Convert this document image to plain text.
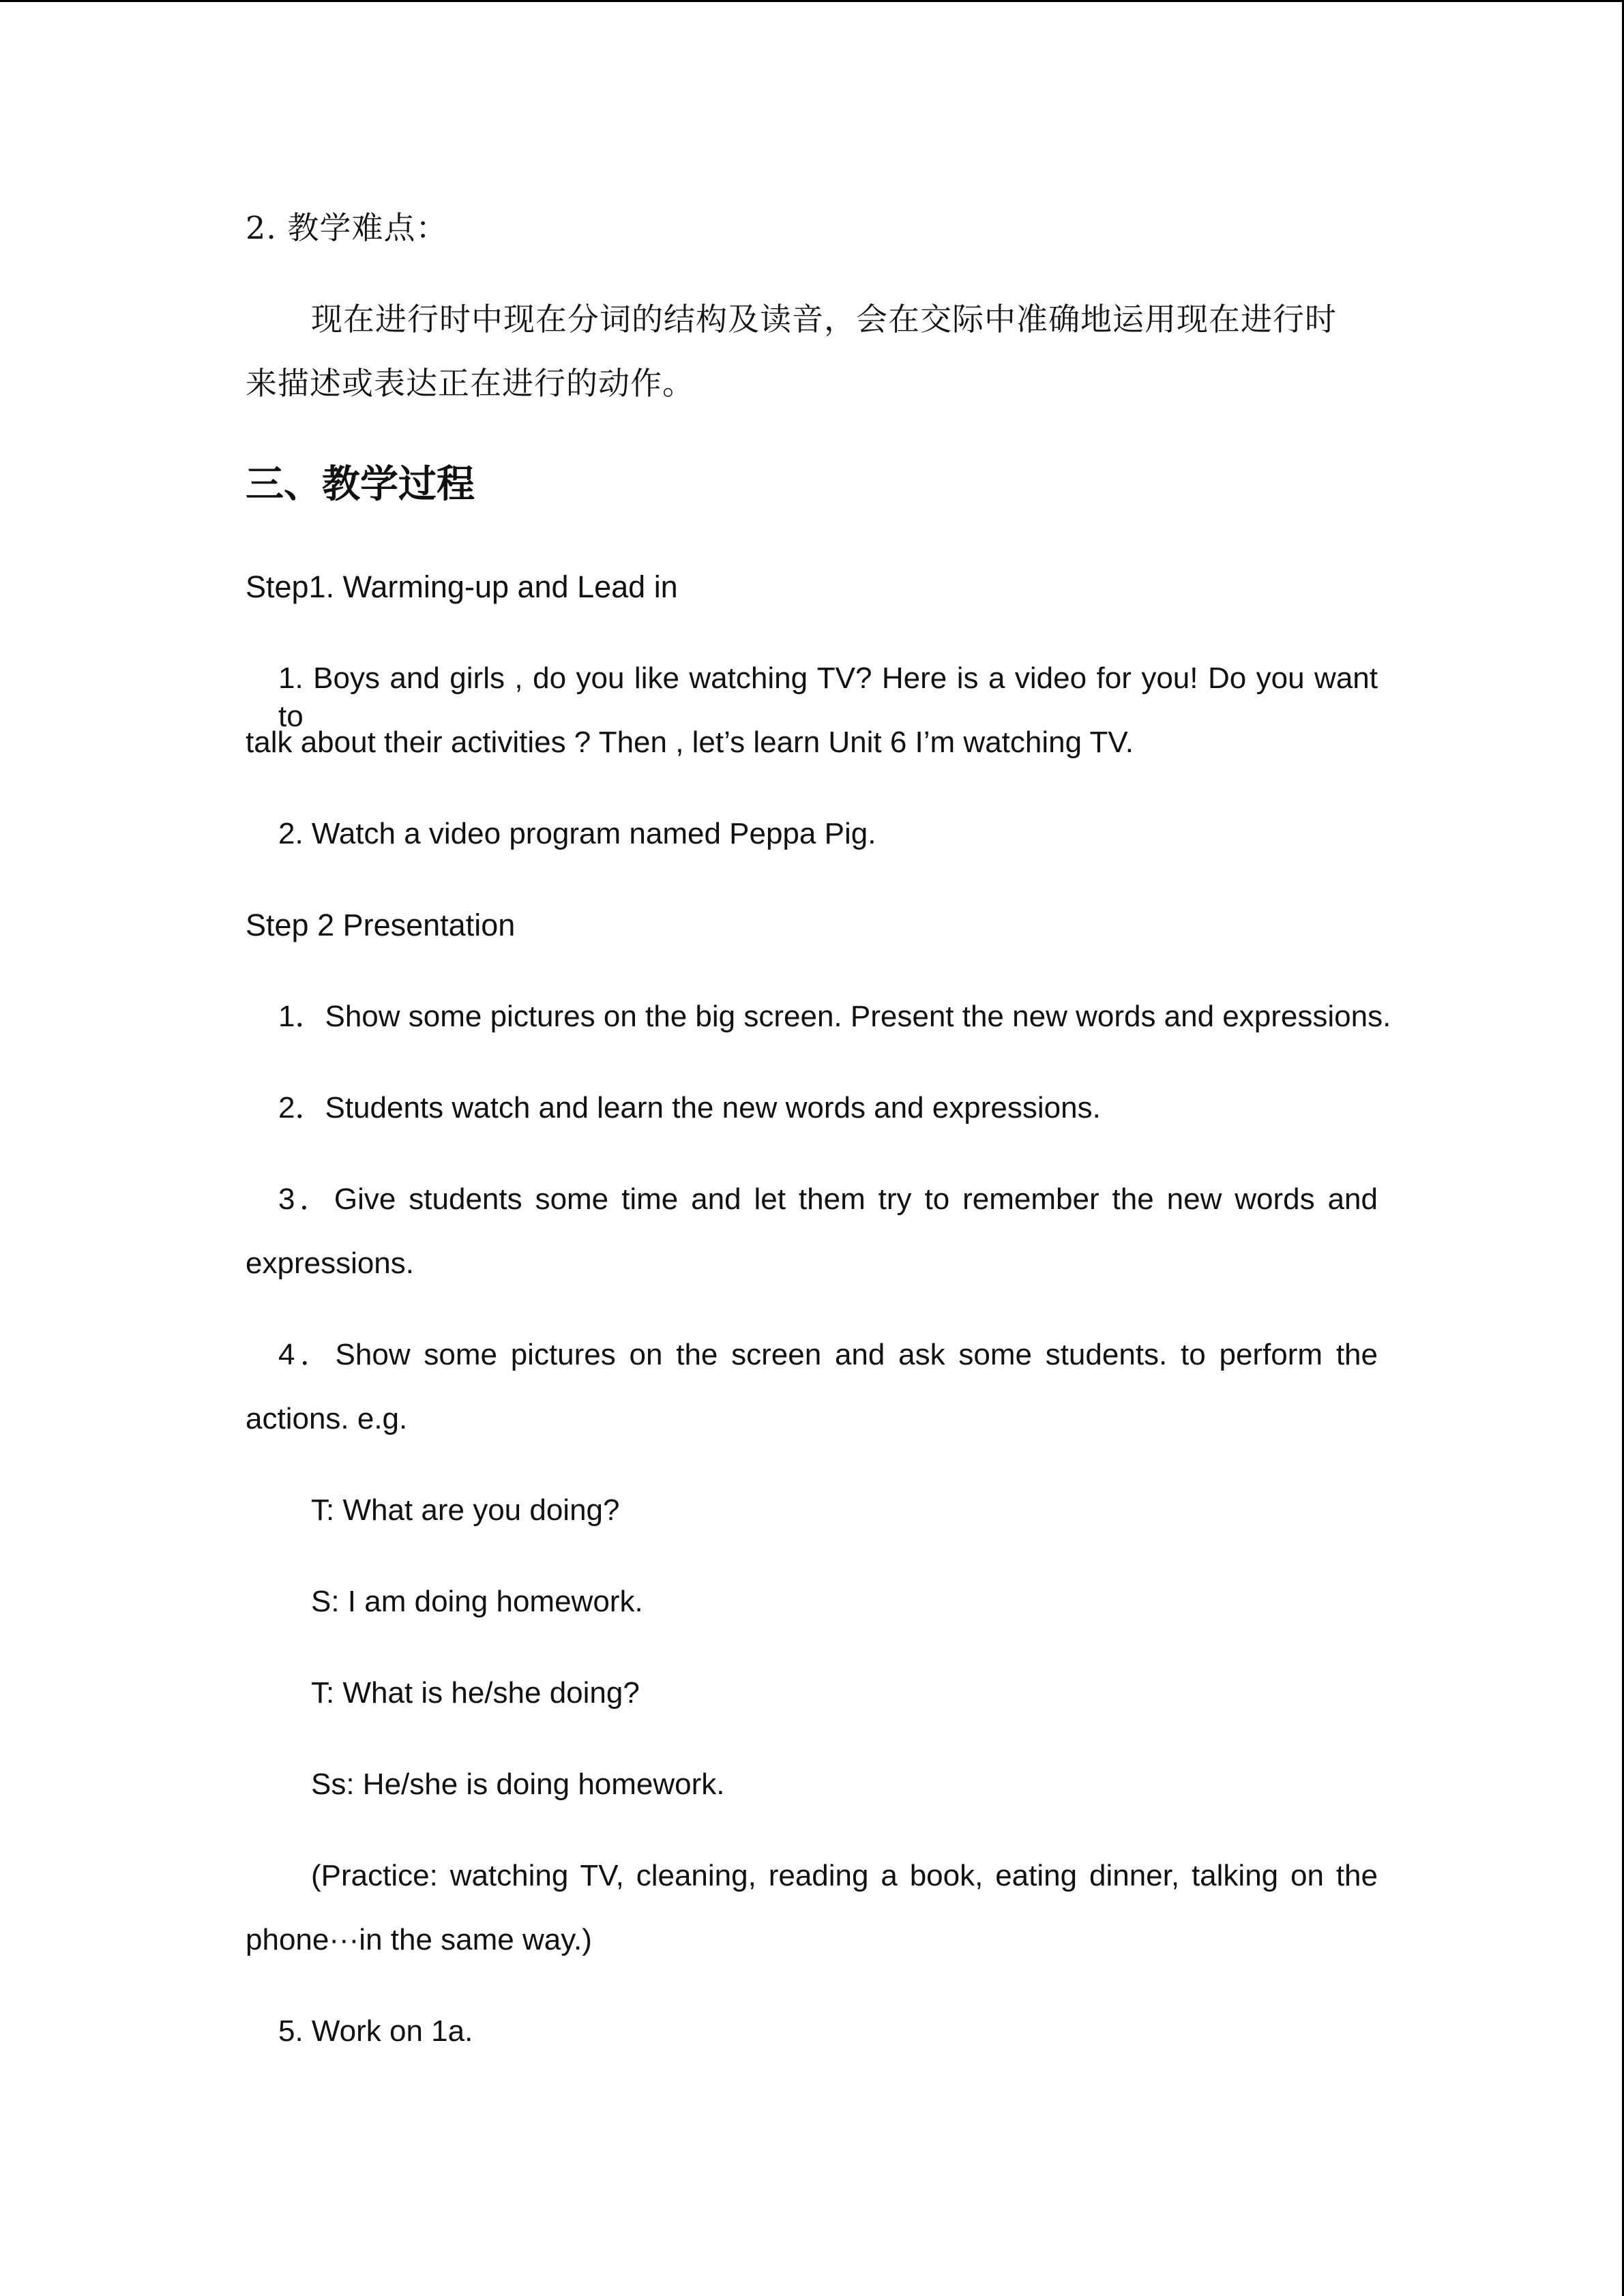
2. 教学难点：
现在进行时中现在分词的结构及读音，会在交际中准确地运用现在进行时
来描述或表达正在进行的动作。
三、教学过程
Step1. Warming-up and Lead in
1. Boys and girls , do you like watching TV? Here is a video for you! Do you want to
talk about their activities ? Then , let’s learn Unit 6 I’m watching TV.
2. Watch a video program named Peppa Pig.
Step 2 Presentation
1．Show some pictures on the big screen. Present the new words and expressions.
2．Students watch and learn the new words and expressions.
3．Give students some time and let them try to remember the new words and
expressions.
4．Show some pictures on the screen and ask some students. to perform the
actions. e.g.
T: What are you doing?
S: I am doing homework.
T: What is he/she doing?
Ss: He/she is doing homework.
(Practice: watching TV, cleaning, reading a book, eating dinner, talking on the
phone···in the same way.)
5. Work on 1a.
